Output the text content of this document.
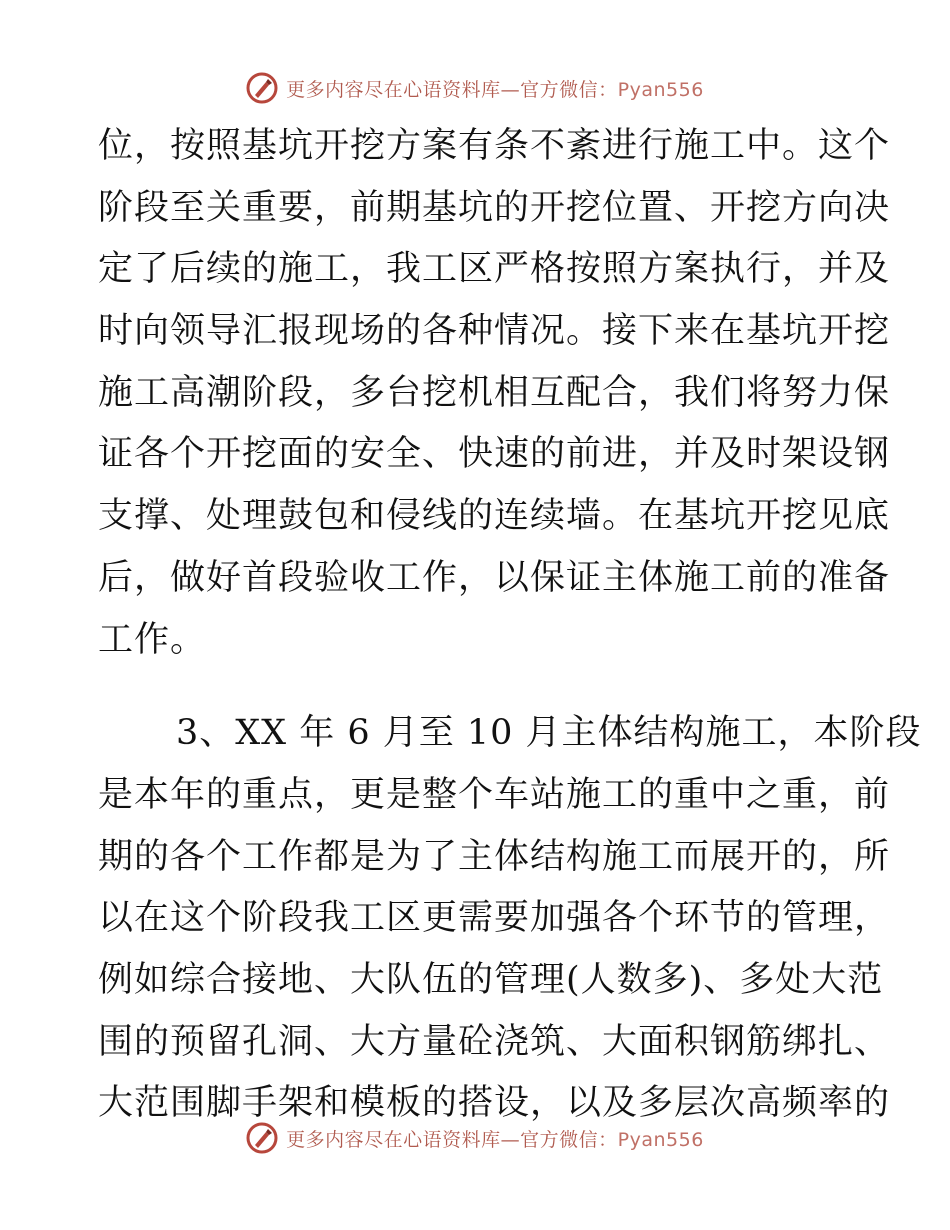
更多内容尽在心语资料库—官方微信：Pyan556
位，按照基坑开挖方案有条不紊进行施工中。这个
阶段至关重要，前期基坑的开挖位置、开挖方向决
定了后续的施工，我工区严格按照方案执行，并及
时向领导汇报现场的各种情况。接下来在基坑开挖
施工高潮阶段，多台挖机相互配合，我们将努力保
证各个开挖面的安全、快速的前进，并及时架设钢
支撑、处理鼓包和侵线的连续墙。在基坑开挖见底
后，做好首段验收工作，以保证主体施工前的准备
工作。
3、XX 年 6 月至 10 月主体结构施工，本阶段
是本年的重点，更是整个车站施工的重中之重，前
期的各个工作都是为了主体结构施工而展开的，所
以在这个阶段我工区更需要加强各个环节的管理，
例如综合接地、大队伍的管理(人数多)、多处大范
围的预留孔洞、大方量砼浇筑、大面积钢筋绑扎、
大范围脚手架和模板的搭设，以及多层次高频率的
更多内容尽在心语资料库—官方微信：Pyan556
